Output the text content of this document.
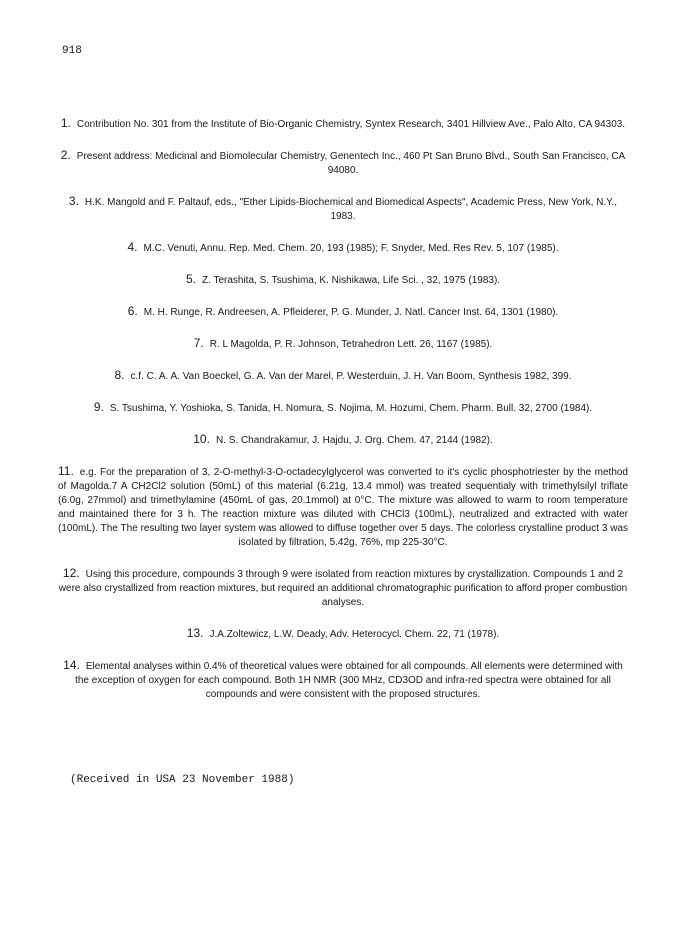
918
1. Contribution No. 301 from the Institute of Bio-Organic Chemistry, Syntex Research, 3401 Hillview Ave., Palo Alto, CA 94303.
2. Present address: Medicinal and Biomolecular Chemistry, Genentech Inc., 460 Pt San Bruno Blvd., South San Francisco, CA 94080.
3. H.K. Mangold and F. Paltauf, eds., "Ether Lipids-Biochemical and Biomedical Aspects", Academic Press, New York, N.Y., 1983.
4. M.C. Venuti, Annu. Rep. Med. Chem. 20, 193 (1985); F. Snyder, Med. Res Rev. 5, 107 (1985).
5. Z. Terashita, S. Tsushima, K. Nishikawa, Life Sci. , 32, 1975 (1983).
6. M. H. Runge, R. Andreesen, A. Pfleiderer, P. G. Munder, J. Natl. Cancer Inst. 64, 1301 (1980).
7. R. L Magolda, P. R. Johnson, Tetrahedron Lett. 26, 1167 (1985).
8. c.f. C. A. A. Van Boeckel, G. A. Van der Marel, P. Westerduin, J. H. Van Boom, Synthesis 1982, 399.
9. S. Tsushima, Y. Yoshioka, S. Tanida, H. Nomura, S. Nojima, M. Hozumi, Chem. Pharm. Bull. 32, 2700 (1984).
10. N. S. Chandrakamur, J. Hajdu, J. Org. Chem. 47, 2144 (1982).
11. e.g. For the preparation of 3, 2-O-methyl-3-O-octadecylglycerol was converted to it's cyclic phosphotriester by the method of Magolda.7 A CH2Cl2 solution (50mL) of this material (6.21g, 13.4 mmol) was treated sequentialy with trimethylsilyl triflate (6.0g, 27mmol) and trimethylamine (450mL of gas, 20.1mmol) at 0°C. The mixture was allowed to warm to room temperature and maintained there for 3 h. The reaction mixture was diluted with CHCl3 (100mL), neutralized and extracted with water (100mL). The The resulting two layer system was allowed to diffuse together over 5 days. The colorless crystalline product 3 was isolated by filtration, 5.42g, 76%, mp 225-30°C.
12. Using this procedure, compounds 3 through 9 were isolated from reaction mixtures by crystallization. Compounds 1 and 2 were also crystallized from reaction mixtures, but required an additional chromatographic purification to afford proper combustion analyses.
13. J.A.Zoltewicz, L.W. Deady, Adv. Heterocycl. Chem. 22, 71 (1978).
14. Elemental analyses within 0.4% of theoretical values were obtained for all compounds. All elements were determined with the exception of oxygen for each compound. Both 1H NMR (300 MHz, CD3OD and infra-red spectra were obtained for all compounds and were consistent with the proposed structures.
(Received in USA 23 November 1988)
